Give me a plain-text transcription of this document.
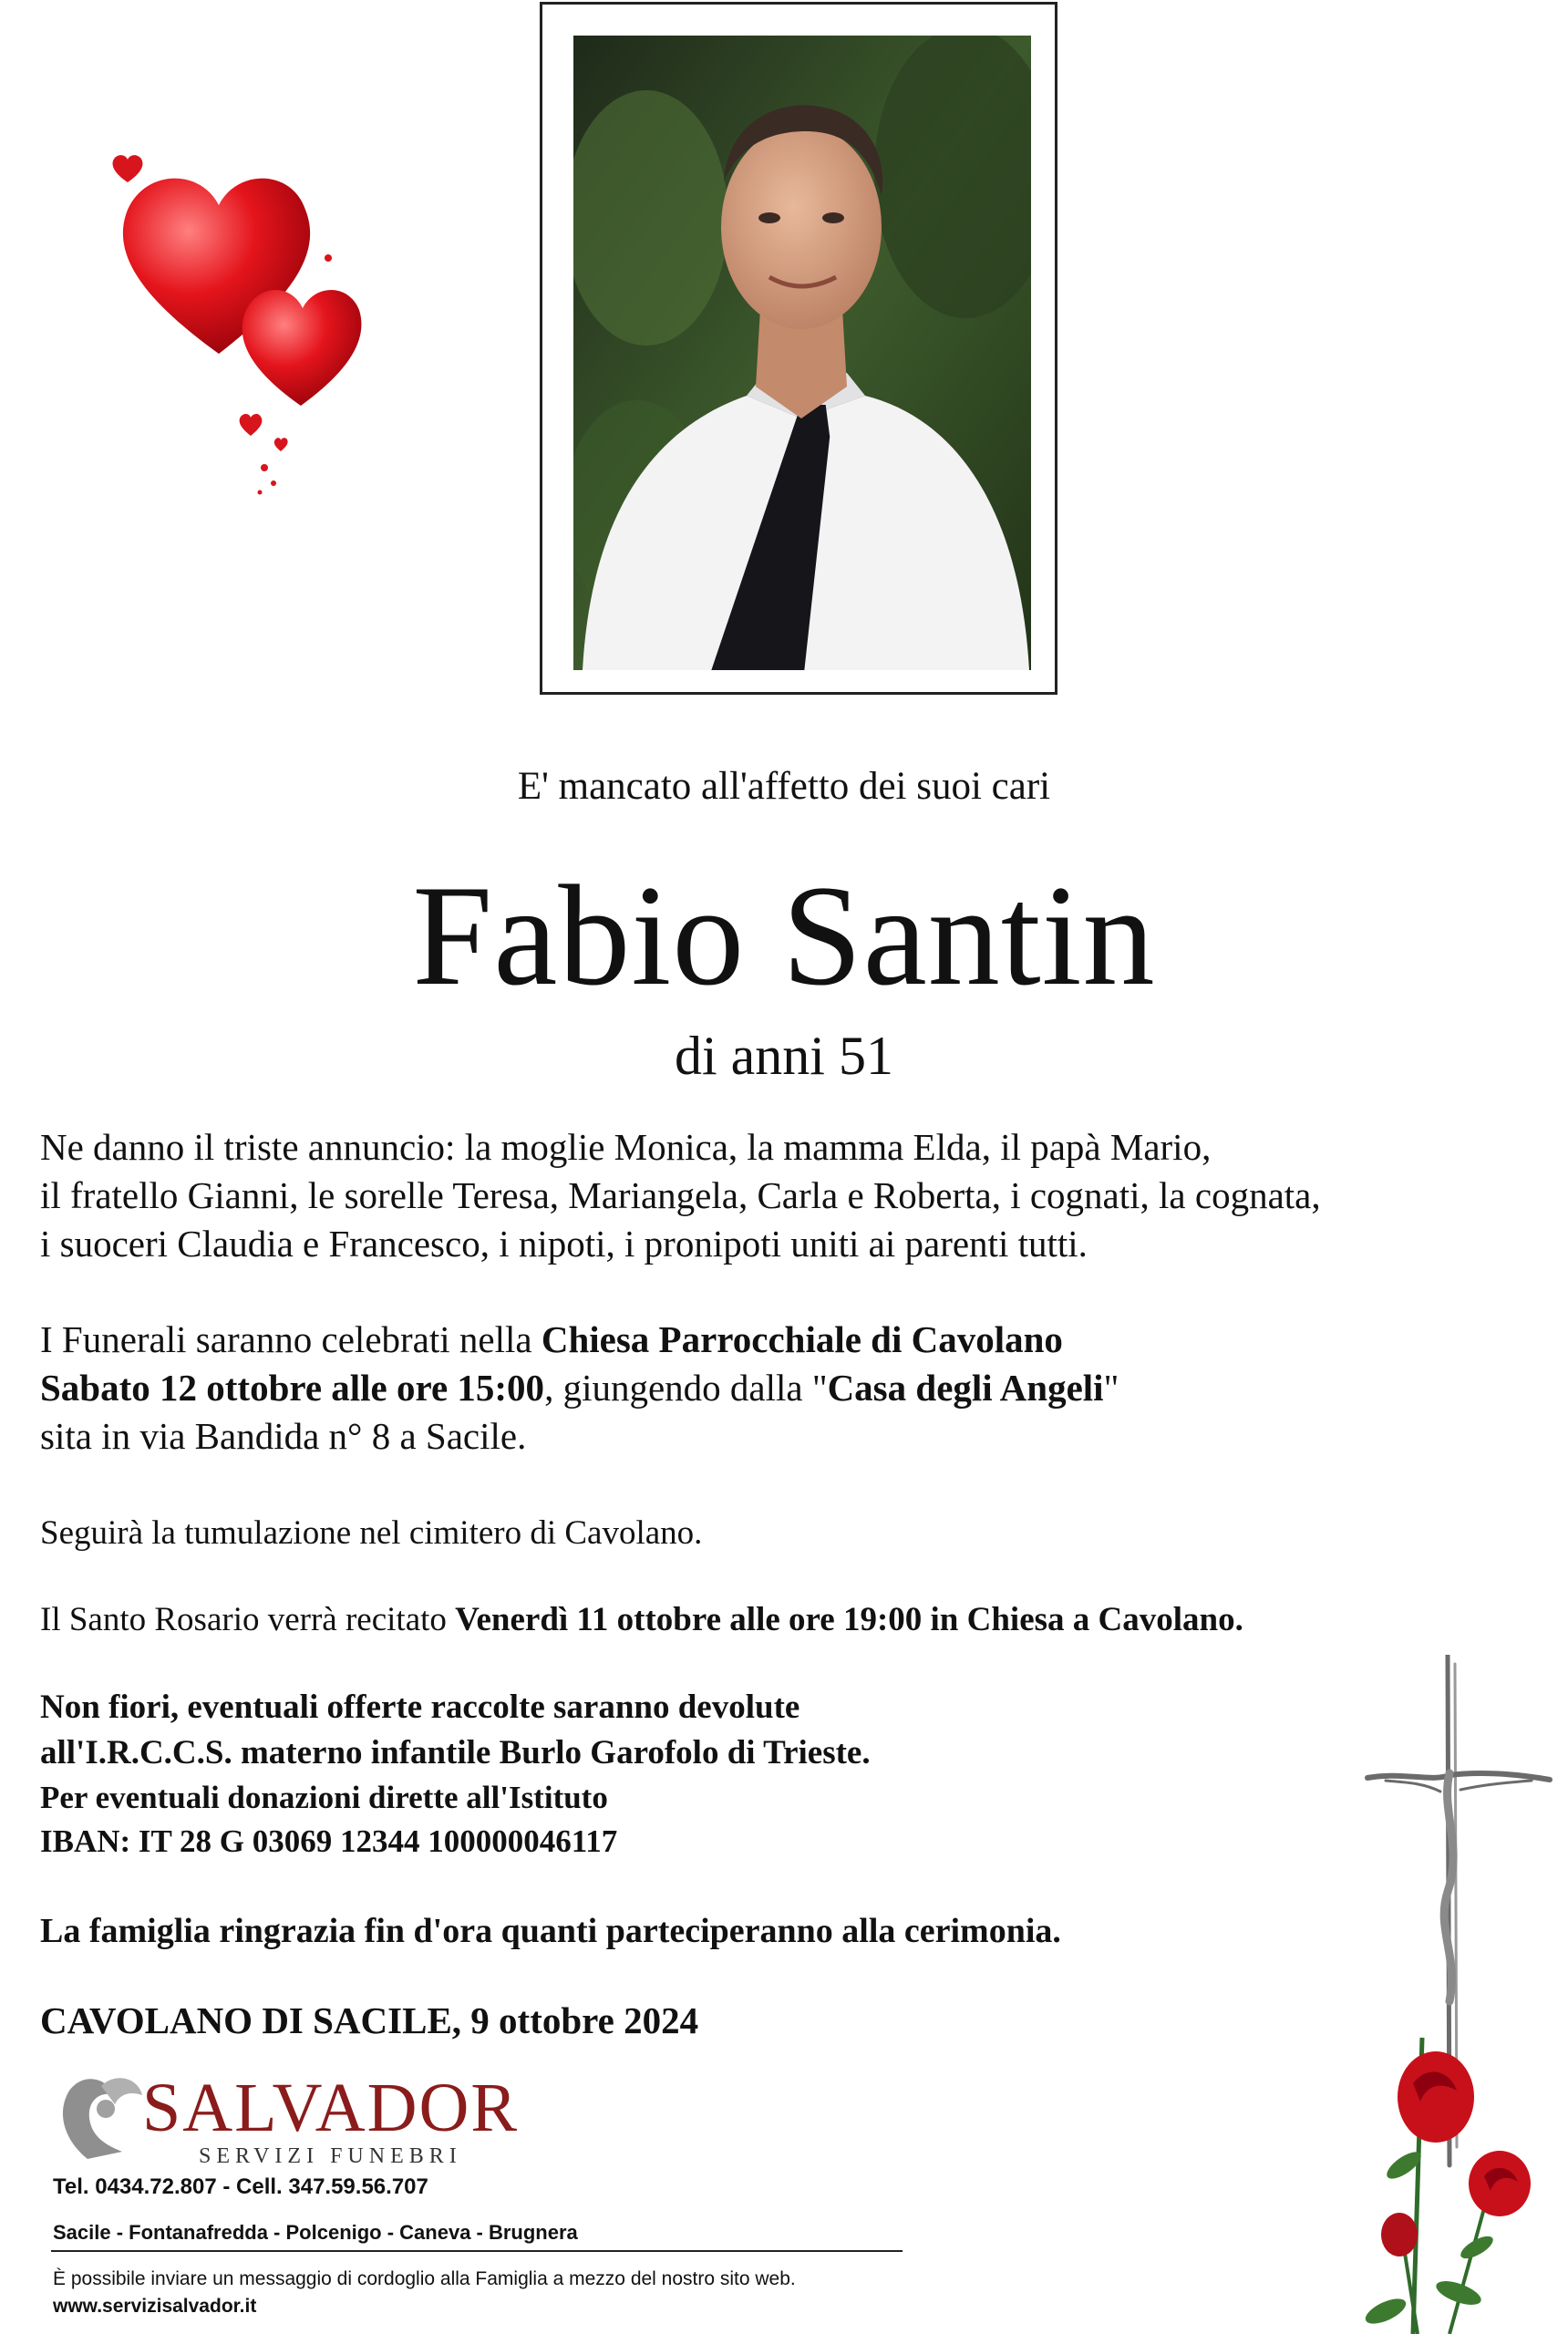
E' mancato all'affetto dei suoi cari
Fabio Santin
di anni 51
Ne danno il triste annuncio: la moglie Monica, la mamma Elda, il papà Mario,
il fratello Gianni, le sorelle Teresa, Mariangela, Carla e Roberta, i cognati, la cognata,
i suoceri Claudia e Francesco, i nipoti, i pronipoti uniti ai parenti tutti.
I Funerali saranno celebrati nella Chiesa Parrocchiale di Cavolano
Sabato 12 ottobre alle ore 15:00, giungendo dalla "Casa degli Angeli"
sita in via Bandida n° 8 a Sacile.
Seguirà la tumulazione nel cimitero di Cavolano.
Il Santo Rosario verrà recitato Venerdì 11 ottobre alle ore 19:00 in Chiesa a Cavolano.
Non fiori, eventuali offerte raccolte saranno devolute
all'I.R.C.C.S. materno infantile Burlo Garofolo di Trieste.
Per eventuali donazioni dirette all'Istituto
IBAN: IT 28 G 03069 12344 100000046117
La famiglia ringrazia fin d'ora quanti parteciperanno alla cerimonia.
CAVOLANO DI SACILE, 9 ottobre 2024
SALVADOR
SERVIZI FUNEBRI
Tel. 0434.72.807 - Cell. 347.59.56.707
Sacile - Fontanafredda - Polcenigo - Caneva - Brugnera
È possibile inviare un messaggio di cordoglio alla Famiglia a mezzo del nostro sito web.
www.servizisalvador.it
